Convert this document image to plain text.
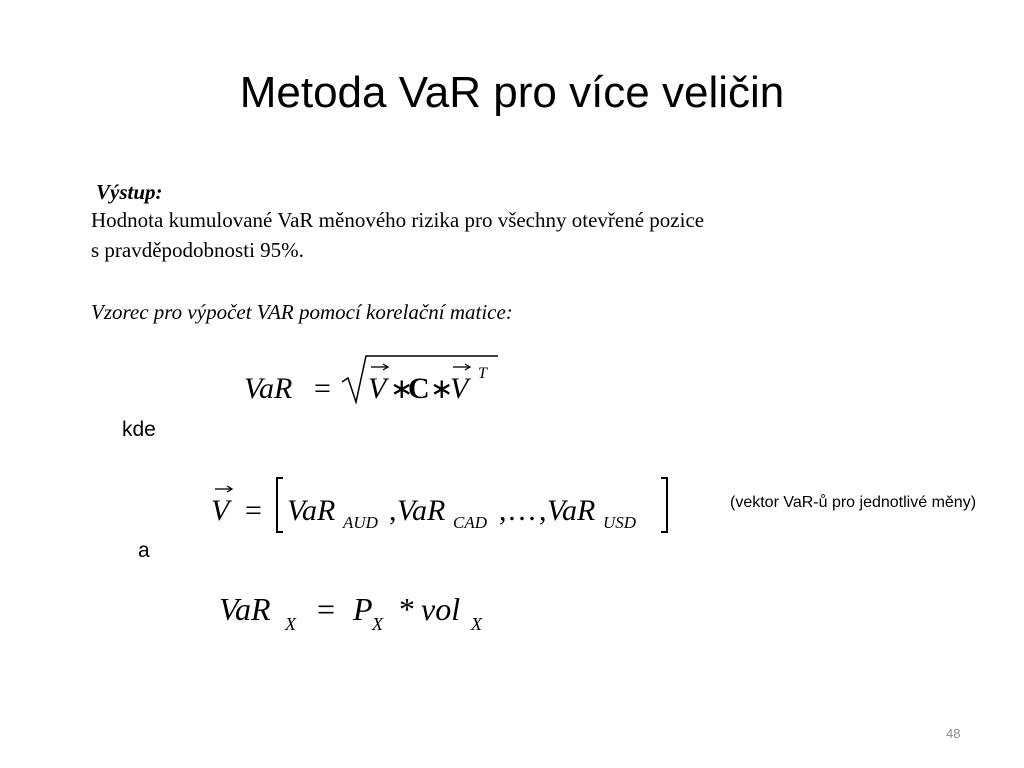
Metoda VaR pro více veličin
Výstup:
Hodnota kumulované VaR měnového rizika pro všechny otevřené pozice
s pravděpodobnosti 95%.
Vzorec pro výpočet VAR pomocí korelační matice:
VaR = V ∗
C ∗
V T
kde
V = VaR AUD , VaR CAD , … , VaR USD
(vektor VaR-ů pro jednotlivé měny)
a
VaR X = P X * vol X
48
